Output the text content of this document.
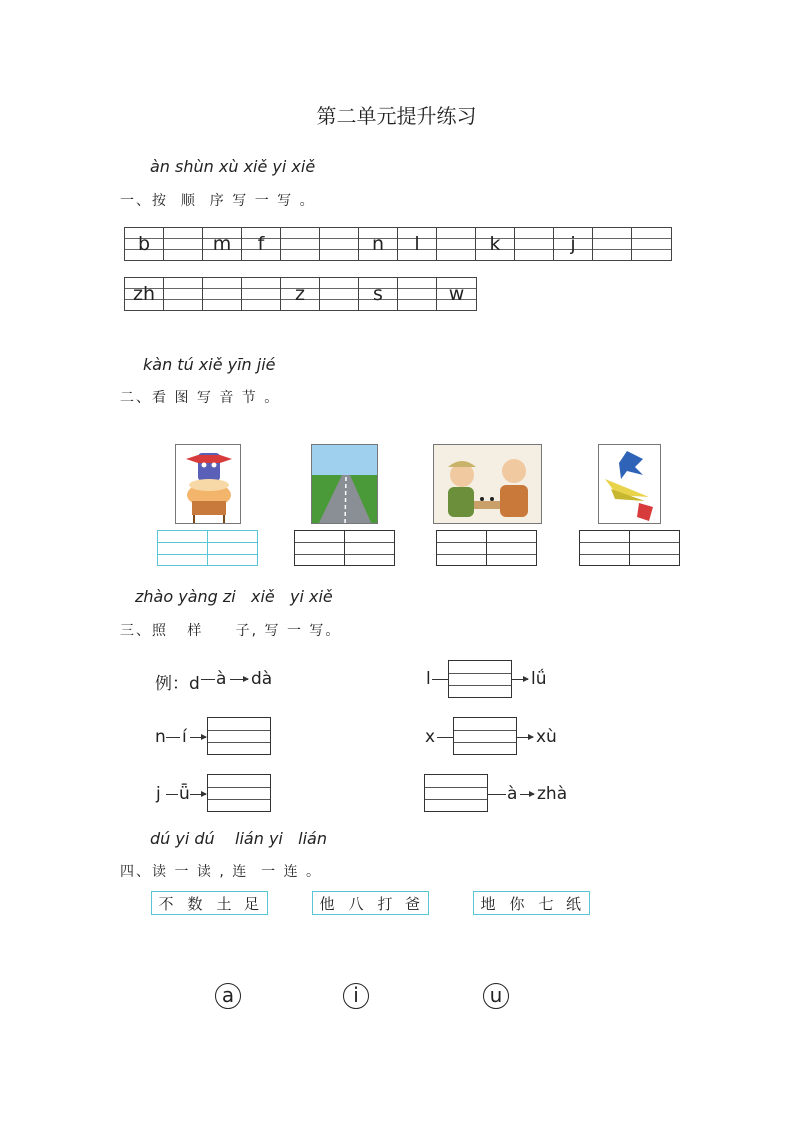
第二单元提升练习
àn shùn xù xiě yi xiě
一、按  顺  序 写 一 写 。
b	m	f	n	l	k	j
zh	z	s	w
kàn tú xiě yīn jié
二、看 图 写 音 节 。
zhào yàng zi   xiě   yi xiě
三、照   样     子, 写 一 写。
例：d à dà	l	lǘ
n í	x	xù
j ǖ	à zhà
dú yi dú    lián yi   lián
四、读 一 读 , 连  一 连 。
不 数 土 足	他 八 打 爸	地 你 七 纸
a	i	u
